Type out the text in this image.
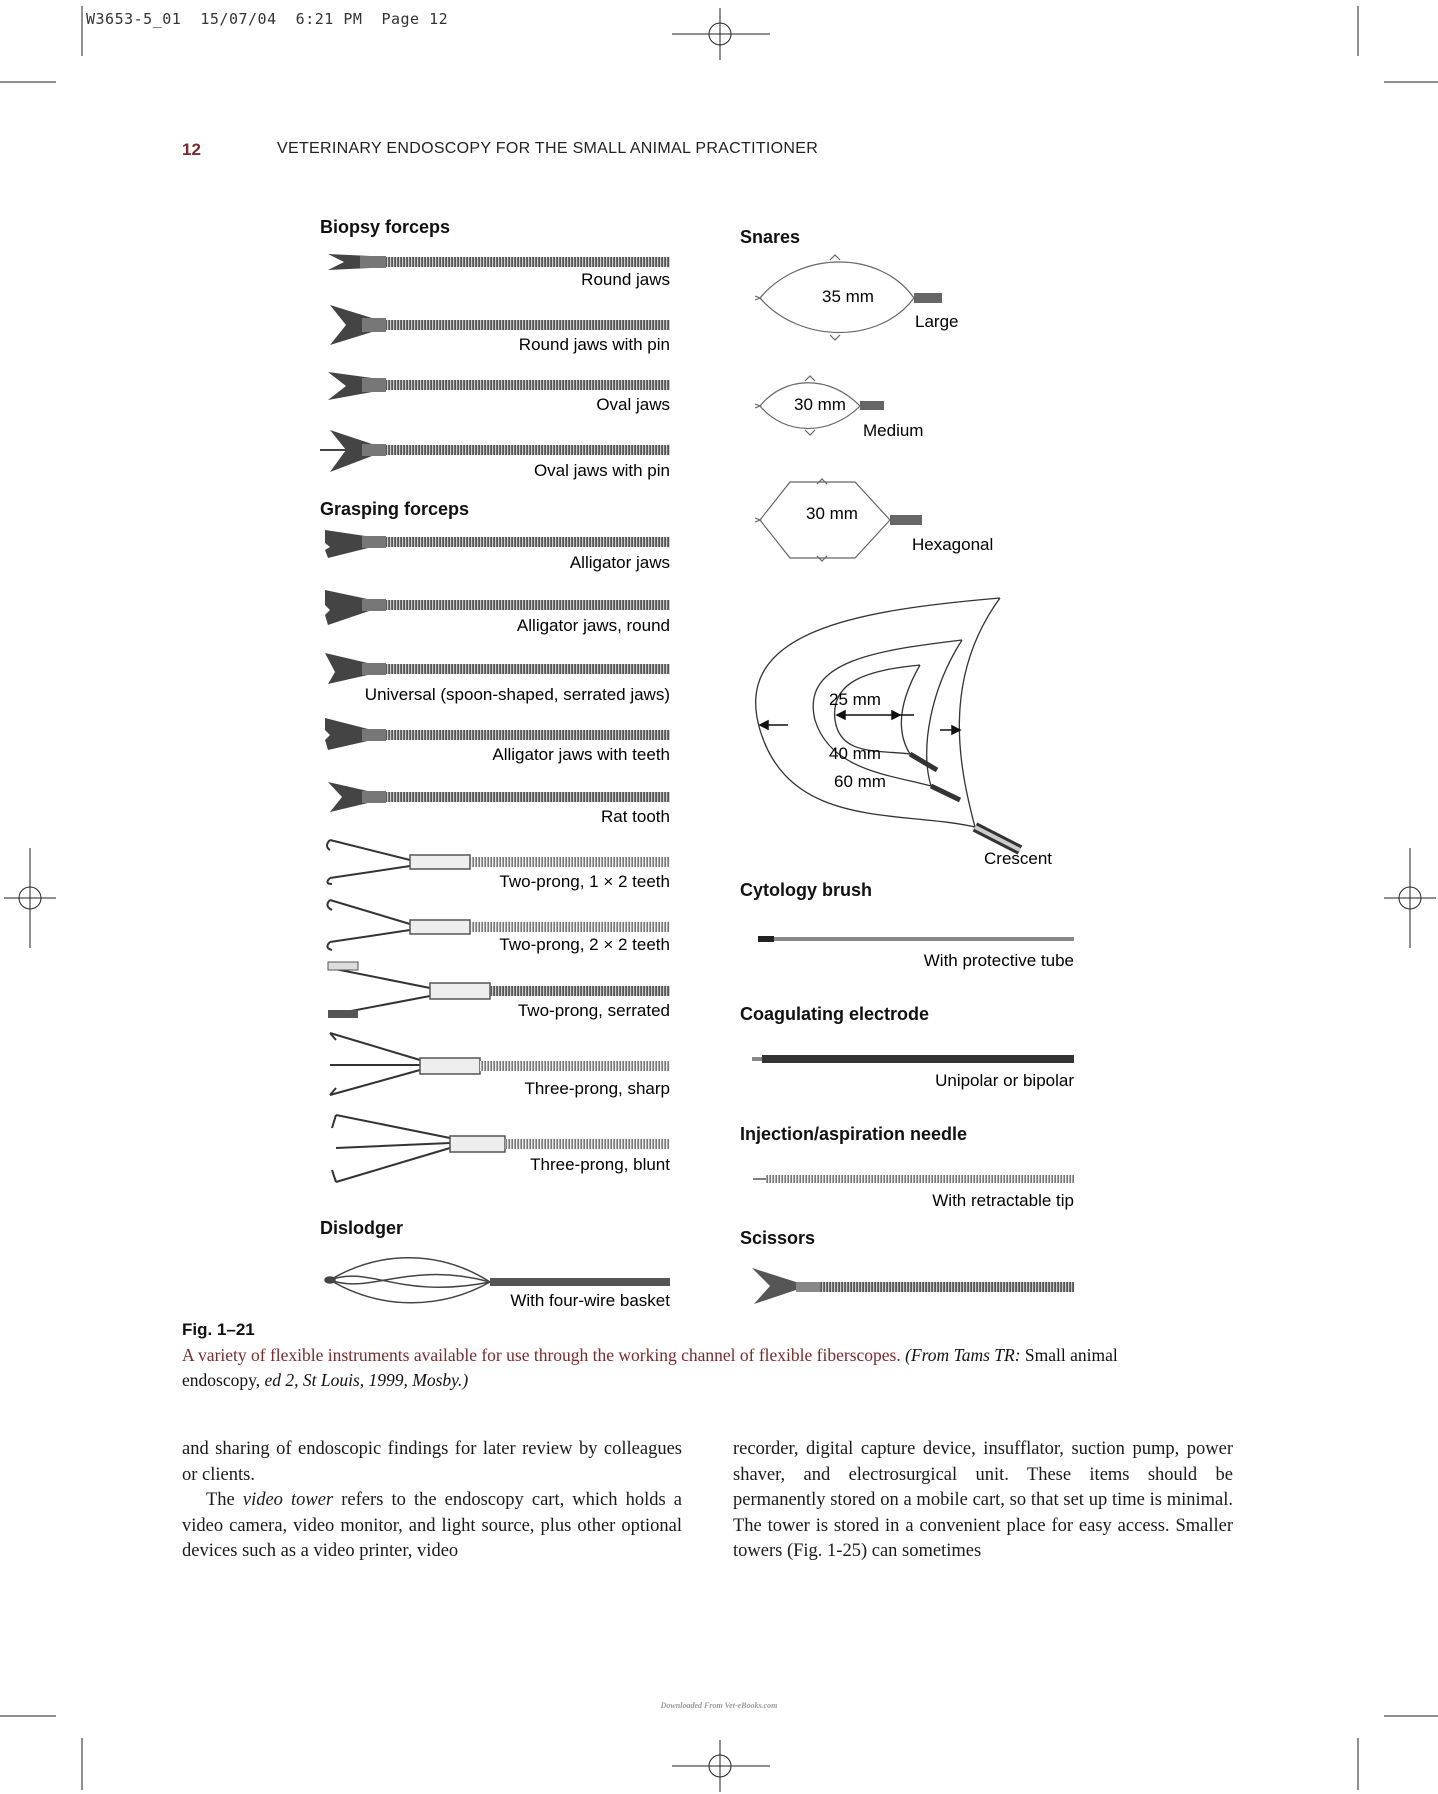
W3653-5_01  15/07/04  6:21 PM  Page 12
12	VETERINARY ENDOSCOPY FOR THE SMALL ANIMAL PRACTITIONER
Biopsy forceps
Round jaws
Round jaws with pin
Oval jaws
Oval jaws with pin
Grasping forceps
Alligator jaws
Alligator jaws, round
Universal (spoon-shaped, serrated jaws)
Alligator jaws with teeth
Rat tooth
Two-prong, 1 × 2 teeth
Two-prong, 2 × 2 teeth
Two-prong, serrated
Three-prong, sharp
Three-prong, blunt
Dislodger
With four-wire basket
Snares
35 mm
Large
30 mm
Medium
30 mm
Hexagonal
25 mm
40 mm
60 mm
Crescent
Cytology brush
With protective tube
Coagulating electrode
Unipolar or bipolar
Injection/aspiration needle
With retractable tip
Scissors
Fig. 1–21
A variety of flexible instruments available for use through the working channel of flexible fiberscopes. (From Tams TR: Small animal endoscopy, ed 2, St Louis, 1999, Mosby.)

and sharing of endoscopic findings for later review by colleagues or clients.

The video tower refers to the endoscopy cart, which holds a video camera, video monitor, and light source, plus other optional devices such as a video printer, video

recorder, digital capture device, insufflator, suction pump, power shaver, and electrosurgical unit. These items should be permanently stored on a mobile cart, so that set up time is minimal. The tower is stored in a convenient place for easy access. Smaller towers (Fig. 1-25) can sometimes

Downloaded From Vet-eBooks.com
